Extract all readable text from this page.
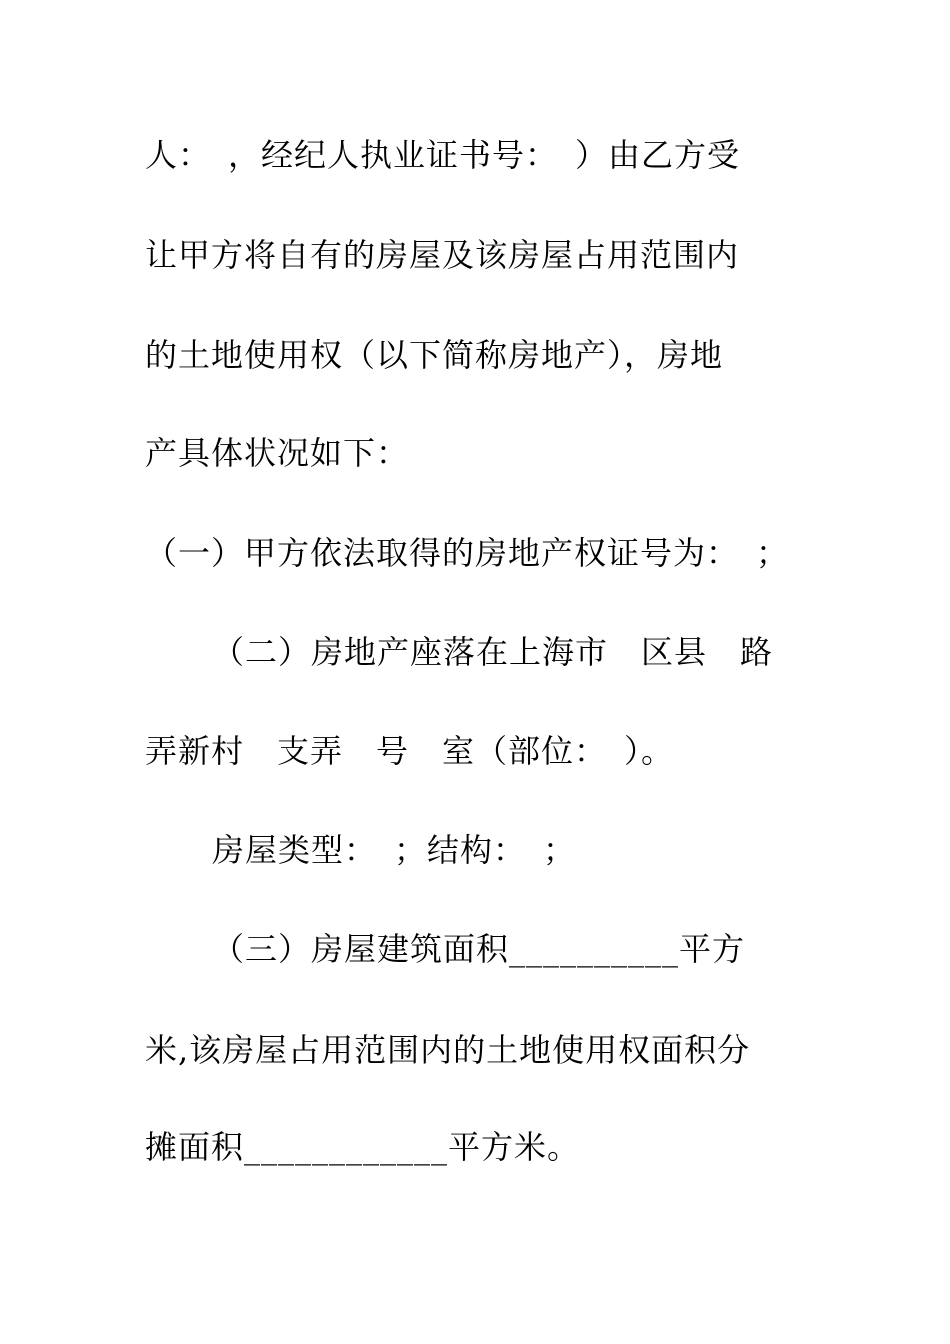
人：　，经纪人执业证书号：　）由乙方受
让甲方将自有的房屋及该房屋占用范围内
的土地使用权（以下简称房地产），房地
产具体状况如下：
（一）甲方依法取得的房地产权证号为：　；
（二）房地产座落在上海市　区县　路
弄新村　支弄　号　室（部位：　）。
房屋类型：　；结构：　；
（三）房屋建筑面积__________平方
米,该房屋占用范围内的土地使用权面积分
摊面积____________平方米。
